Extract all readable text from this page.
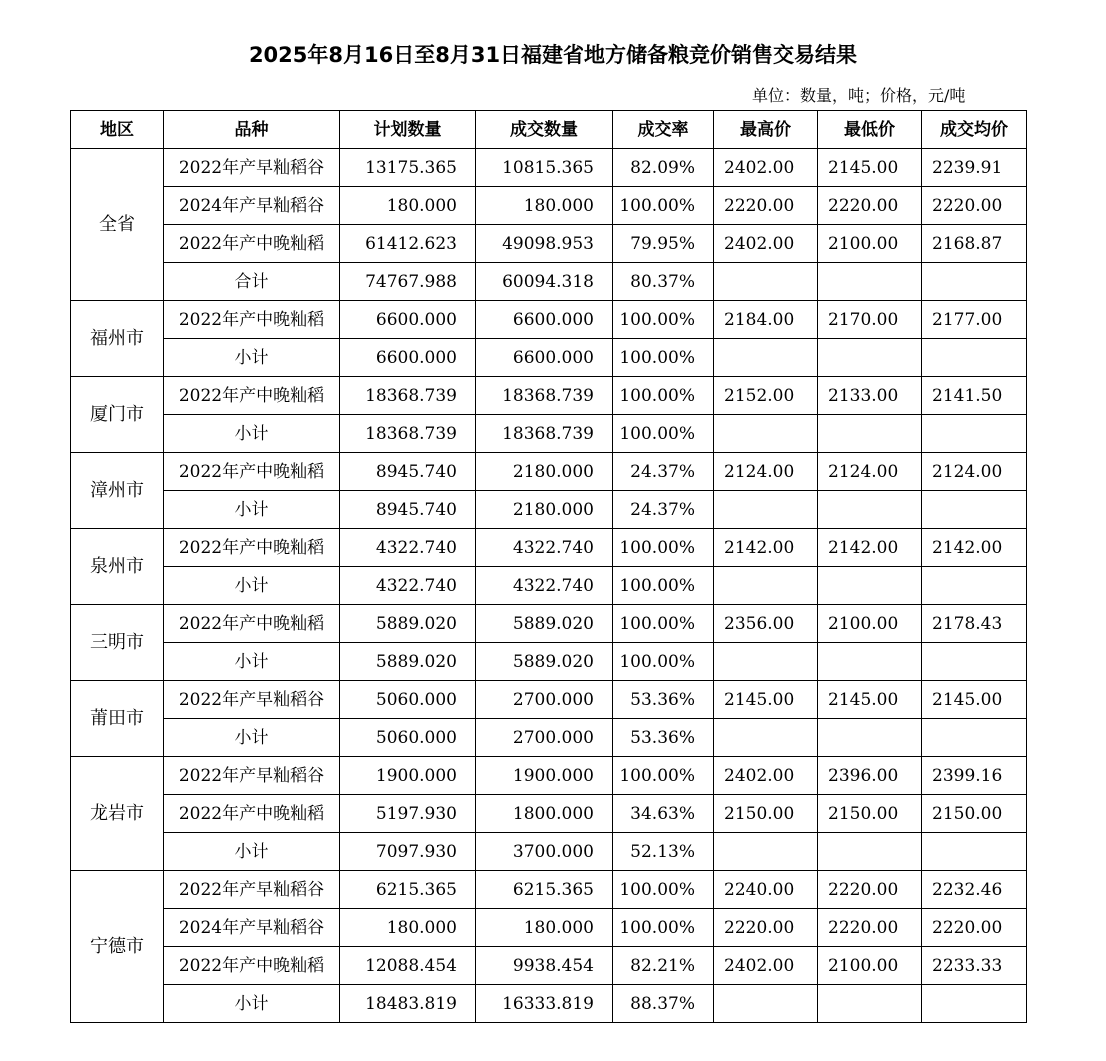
2025年8月16日至8月31日福建省地方储备粮竞价销售交易结果
单位：数量，吨；价格，元/吨
地区	品种	计划数量	成交数量	成交率	最高价	最低价	成交均价
全省	2022年产早籼稻谷	13175.365	10815.365	82.09%	2402.00	2145.00	2239.91
	2024年产早籼稻谷	180.000	180.000	100.00%	2220.00	2220.00	2220.00
	2022年产中晚籼稻	61412.623	49098.953	79.95%	2402.00	2100.00	2168.87
	合计	74767.988	60094.318	80.37%			
福州市	2022年产中晚籼稻	6600.000	6600.000	100.00%	2184.00	2170.00	2177.00
	小计	6600.000	6600.000	100.00%			
厦门市	2022年产中晚籼稻	18368.739	18368.739	100.00%	2152.00	2133.00	2141.50
	小计	18368.739	18368.739	100.00%			
漳州市	2022年产中晚籼稻	8945.740	2180.000	24.37%	2124.00	2124.00	2124.00
	小计	8945.740	2180.000	24.37%			
泉州市	2022年产中晚籼稻	4322.740	4322.740	100.00%	2142.00	2142.00	2142.00
	小计	4322.740	4322.740	100.00%			
三明市	2022年产中晚籼稻	5889.020	5889.020	100.00%	2356.00	2100.00	2178.43
	小计	5889.020	5889.020	100.00%			
莆田市	2022年产早籼稻谷	5060.000	2700.000	53.36%	2145.00	2145.00	2145.00
	小计	5060.000	2700.000	53.36%			
龙岩市	2022年产早籼稻谷	1900.000	1900.000	100.00%	2402.00	2396.00	2399.16
	2022年产中晚籼稻	5197.930	1800.000	34.63%	2150.00	2150.00	2150.00
	小计	7097.930	3700.000	52.13%			
宁德市	2022年产早籼稻谷	6215.365	6215.365	100.00%	2240.00	2220.00	2232.46
	2024年产早籼稻谷	180.000	180.000	100.00%	2220.00	2220.00	2220.00
	2022年产中晚籼稻	12088.454	9938.454	82.21%	2402.00	2100.00	2233.33
	小计	18483.819	16333.819	88.37%			
